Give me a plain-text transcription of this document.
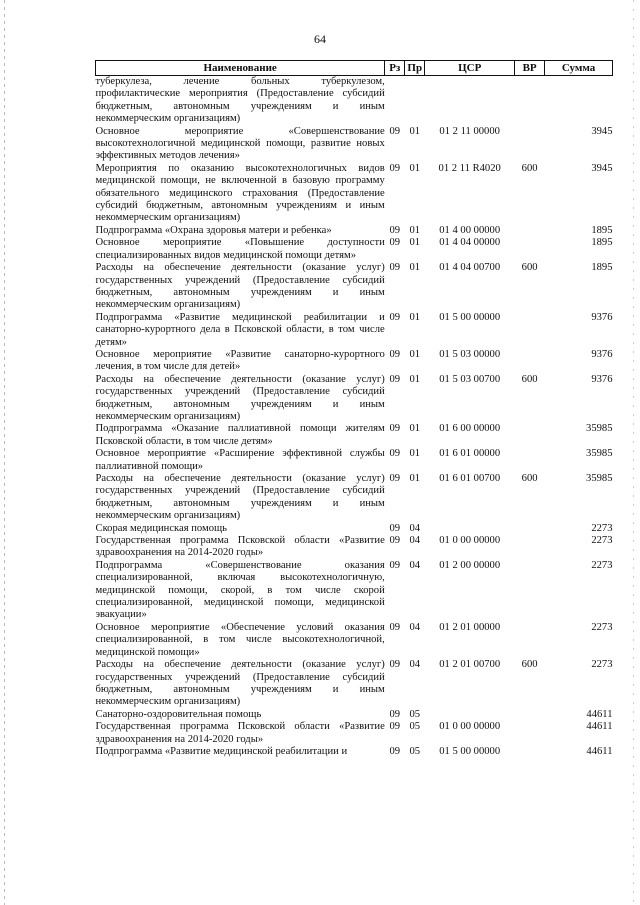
64
Наименование	Рз	Пр	ЦСР	ВР	Сумма
туберкулеза, лечение больных туберкулезом, профилактические мероприятия (Предоставление субсидий бюджетным, автономным учреждениям и иным некоммерческим организациям)					
Основное мероприятие «Совершенствование высокотехнологичной медицинской помощи, развитие новых эффективных методов лечения»	09	01	01 2 11 00000		3945
Мероприятия по оказанию высокотехнологичных видов медицинской помощи, не включенной в базовую программу обязательного медицинского страхования (Предоставление субсидий бюджетным, автономным учреждениям и иным некоммерческим организациям)	09	01	01 2 11 R4020	600	3945
Подпрограмма «Охрана здоровья матери и ребенка»	09	01	01 4 00 00000		1895
Основное мероприятие «Повышение доступности специализированных видов медицинской помощи детям»	09	01	01 4 04 00000		1895
Расходы на обеспечение деятельности (оказание услуг) государственных учреждений (Предоставление субсидий бюджетным, автономным учреждениям и иным некоммерческим организациям)	09	01	01 4 04 00700	600	1895
Подпрограмма «Развитие медицинской реабилитации и санаторно-курортного дела в Псковской области, в том числе детям»	09	01	01 5 00 00000		9376
Основное мероприятие «Развитие санаторно-курортного лечения, в том числе для детей»	09	01	01 5 03 00000		9376
Расходы на обеспечение деятельности (оказание услуг) государственных учреждений (Предоставление субсидий бюджетным, автономным учреждениям и иным некоммерческим организациям)	09	01	01 5 03 00700	600	9376
Подпрограмма «Оказание паллиативной помощи жителям Псковской области, в том числе детям»	09	01	01 6 00 00000		35985
Основное мероприятие «Расширение эффективной службы паллиативной помощи»	09	01	01 6 01 00000		35985
Расходы на обеспечение деятельности (оказание услуг) государственных учреждений (Предоставление субсидий бюджетным, автономным учреждениям и иным некоммерческим организациям)	09	01	01 6 01 00700	600	35985
Скорая медицинская помощь	09	04			2273
Государственная программа Псковской области «Развитие здравоохранения на 2014-2020 годы»	09	04	01 0 00 00000		2273
Подпрограмма «Совершенствование оказания специализированной, включая высокотехнологичную, медицинской помощи, скорой, в том числе скорой специализированной, медицинской помощи, медицинской эвакуации»	09	04	01 2 00 00000		2273
Основное мероприятие «Обеспечение условий оказания специализированной, в том числе высокотехнологичной, медицинской помощи»	09	04	01 2 01 00000		2273
Расходы на обеспечение деятельности (оказание услуг) государственных учреждений (Предоставление субсидий бюджетным, автономным учреждениям и иным некоммерческим организациям)	09	04	01 2 01 00700	600	2273
Санаторно-оздоровительная помощь	09	05			44611
Государственная программа Псковской области «Развитие здравоохранения на 2014-2020 годы»	09	05	01 0 00 00000		44611
Подпрограмма «Развитие медицинской реабилитации и	09	05	01 5 00 00000		44611
